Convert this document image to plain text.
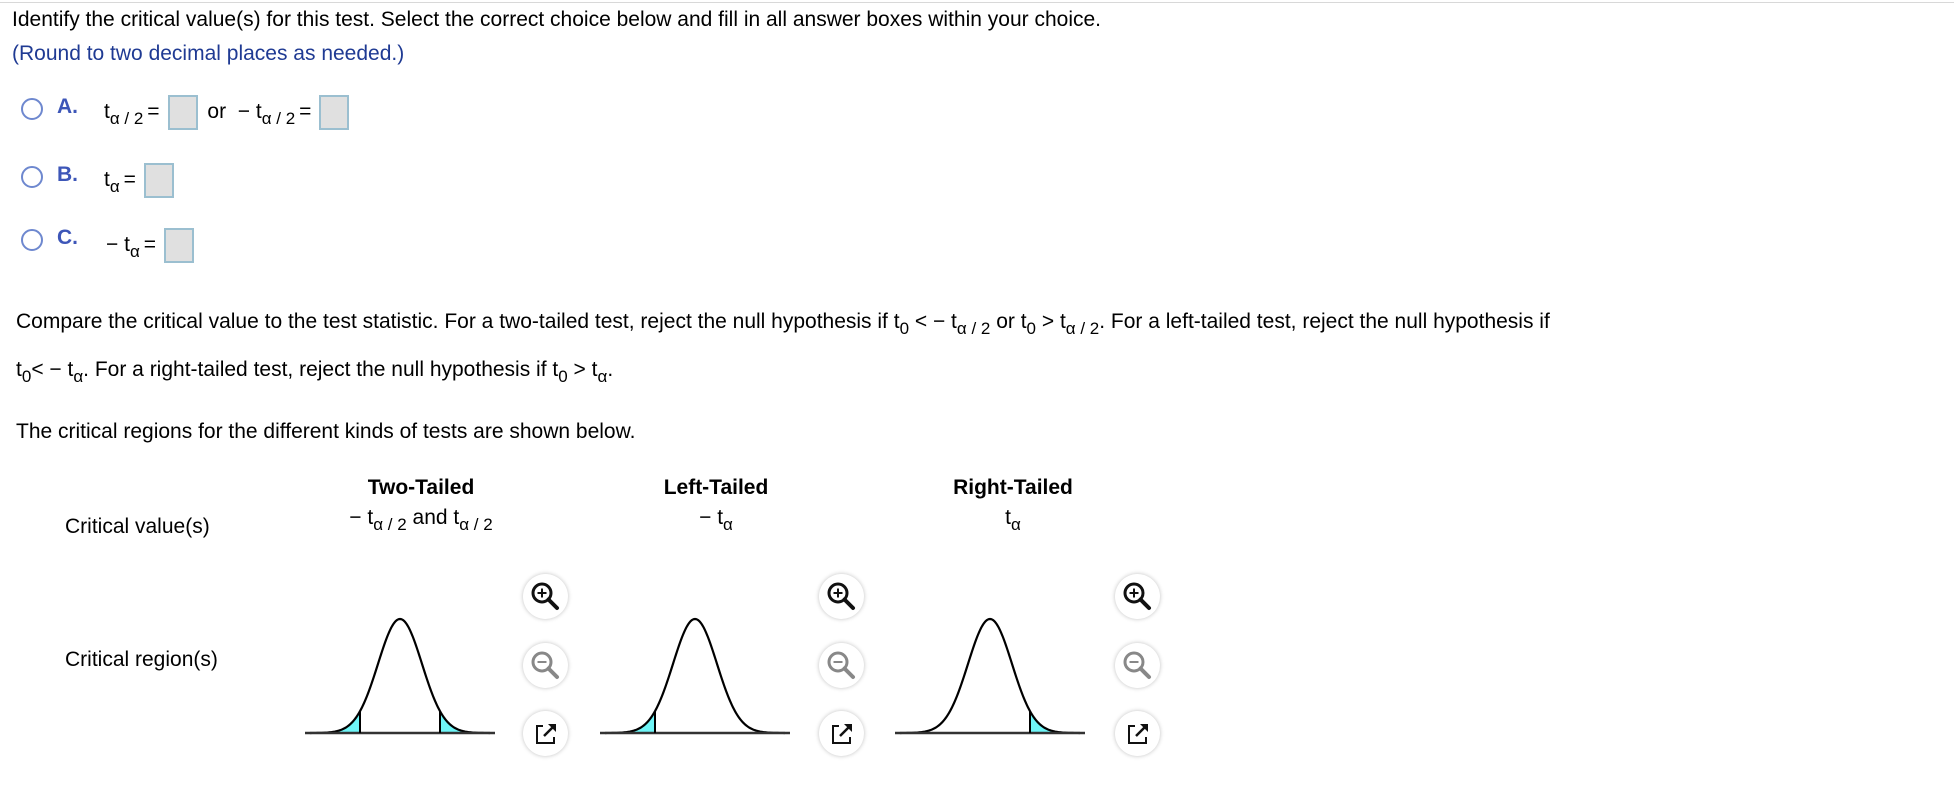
Identify the critical value(s) for this test. Select the correct choice below and fill in all answer boxes within your choice.
(Round to two decimal places as needed.)
A. $t_{\alpha / 2}$ = or − $t_{\alpha / 2}$ =
B. $t_\alpha$ =
C. − $t_\alpha$ =
Compare the critical value to the test statistic. For a two-tailed test, reject the null hypothesis if $t_0$ < − $t_{\alpha / 2}$ or $t_0 > t_{\alpha / 2}$. For a left-tailed test, reject the null hypothesis if
$t_0< - t_\alpha$. For a right-tailed test, reject the null hypothesis if $t_0 > t_\alpha$.
The critical regions for the different kinds of tests are shown below.
Critical value(s)
Critical region(s)
Two-Tailed
− $t_{\alpha / 2}$ and $t_{\alpha / 2}$
Left-Tailed
− $t_\alpha$
Right-Tailed
$t_\alpha$
